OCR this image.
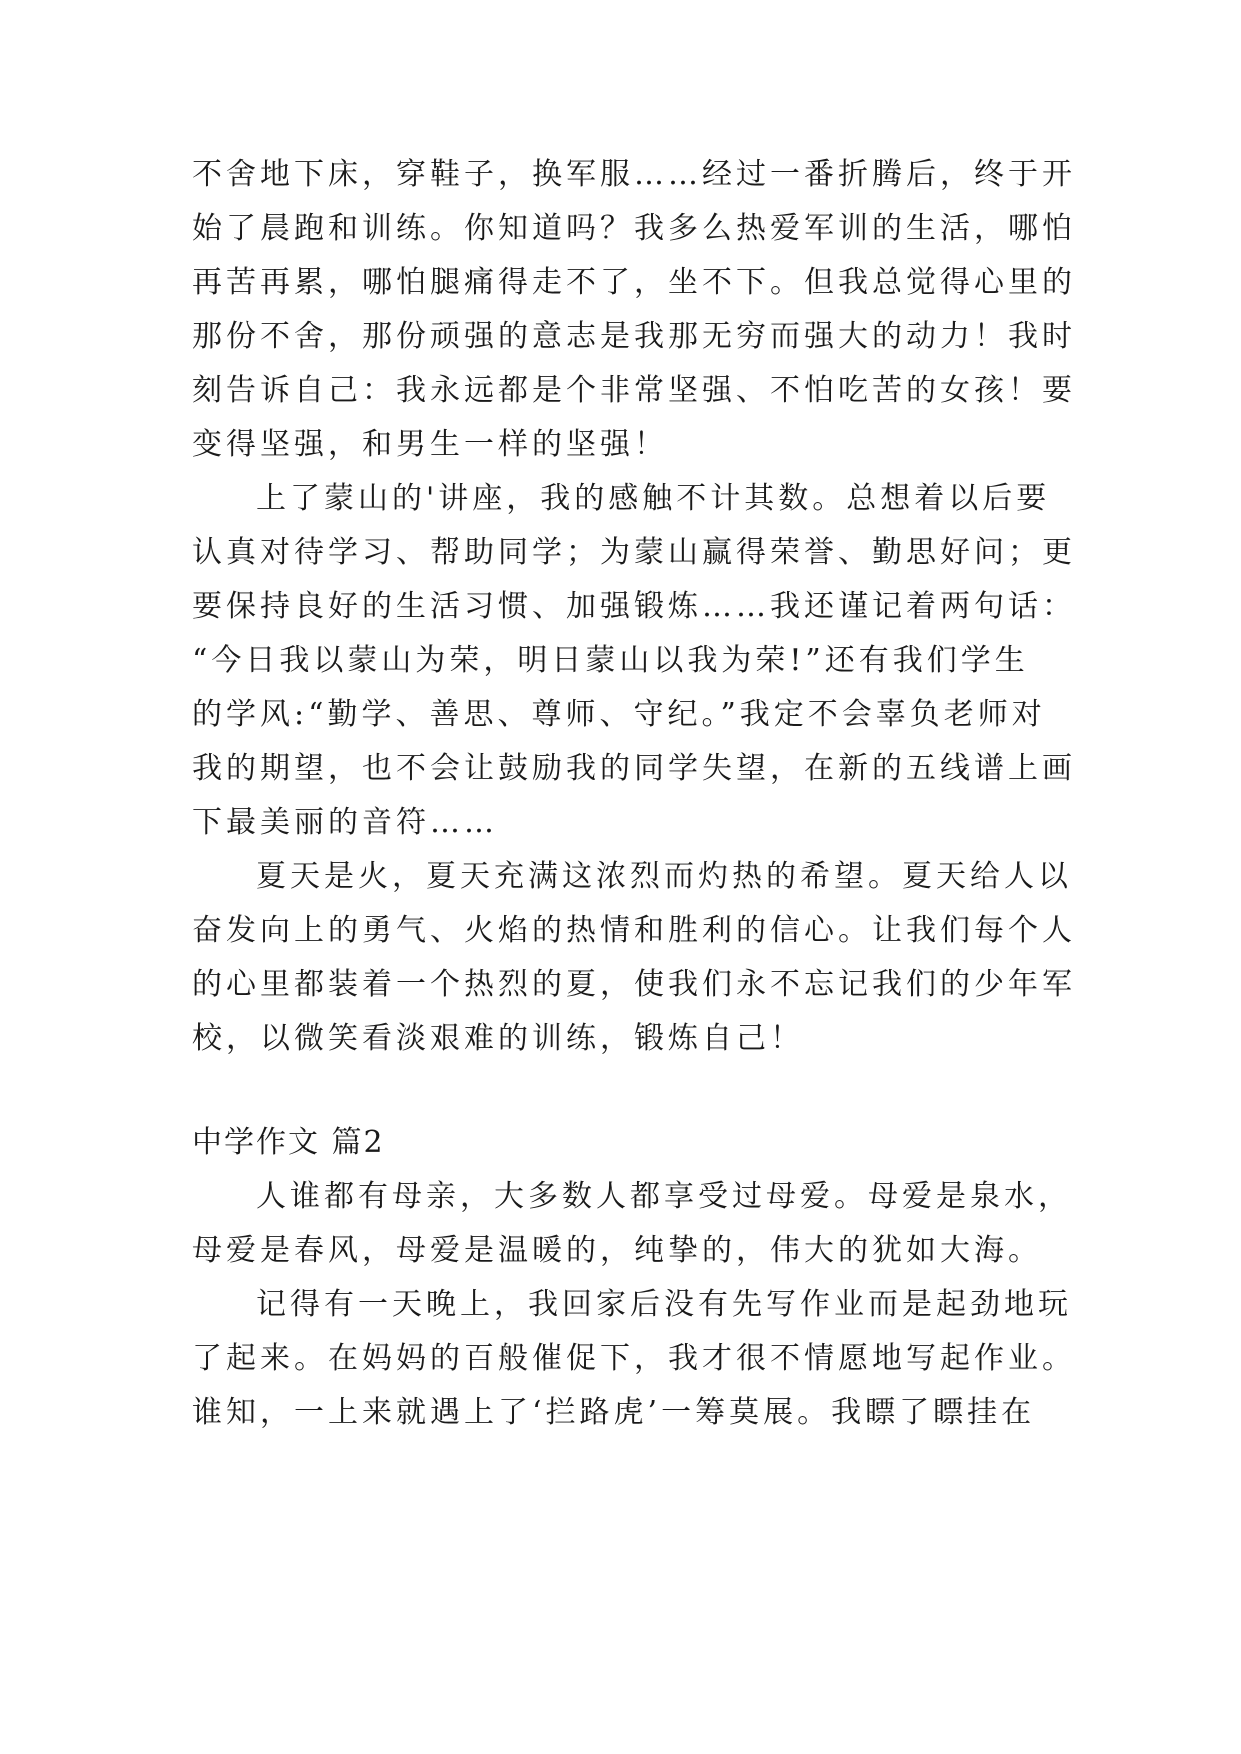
不舍地下床，穿鞋子，换军服……经过一番折腾后，终于开
始了晨跑和训练。你知道吗？我多么热爱军训的生活，哪怕
再苦再累，哪怕腿痛得走不了，坐不下。但我总觉得心里的
那份不舍，那份顽强的意志是我那无穷而强大的动力！我时
刻告诉自己：我永远都是个非常坚强、不怕吃苦的女孩！要
变得坚强，和男生一样的坚强！
上了蒙山的'讲座，我的感触不计其数。总想着以后要
认真对待学习、帮助同学；为蒙山赢得荣誉、勤思好问；更
要保持良好的生活习惯、加强锻炼……我还谨记着两句话：
“今日我以蒙山为荣，明日蒙山以我为荣!”还有我们学生
的学风:“勤学、善思、尊师、守纪。”我定不会辜负老师对
我的期望，也不会让鼓励我的同学失望，在新的五线谱上画
下最美丽的音符……
夏天是火，夏天充满这浓烈而灼热的希望。夏天给人以
奋发向上的勇气、火焰的热情和胜利的信心。让我们每个人
的心里都装着一个热烈的夏，使我们永不忘记我们的少年军
校，以微笑看淡艰难的训练，锻炼自己！
中学作文 篇2
人谁都有母亲，大多数人都享受过母爱。母爱是泉水，
母爱是春风，母爱是温暖的，纯挚的，伟大的犹如大海。
记得有一天晚上，我回家后没有先写作业而是起劲地玩
了起来。在妈妈的百般催促下，我才很不情愿地写起作业。
谁知，一上来就遇上了‘拦路虎’一筹莫展。我瞟了瞟挂在
